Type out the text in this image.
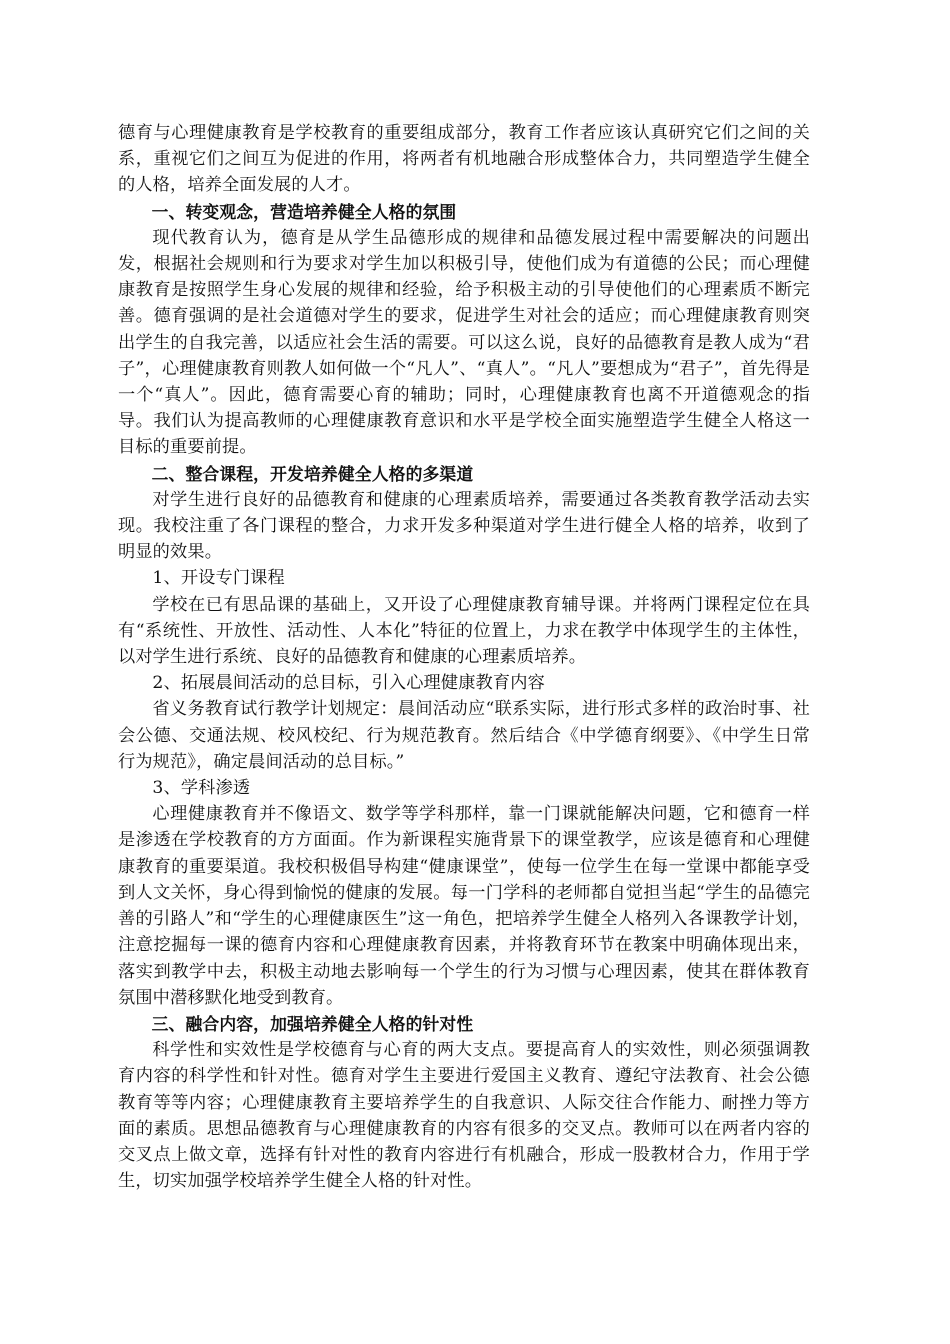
德育与心理健康教育是学校教育的重要组成部分，教育工作者应该认真研究它们之间的关系，重视它们之间互为促进的作用，将两者有机地融合形成整体合力，共同塑造学生健全的人格，培养全面发展的人才。

一、转变观念，营造培养健全人格的氛围

现代教育认为，德育是从学生品德形成的规律和品德发展过程中需要解决的问题出发，根据社会规则和行为要求对学生加以积极引导，使他们成为有道德的公民；而心理健康教育是按照学生身心发展的规律和经验，给予积极主动的引导使他们的心理素质不断完善。德育强调的是社会道德对学生的要求，促进学生对社会的适应；而心理健康教育则突出学生的自我完善，以适应社会生活的需要。可以这么说，良好的品德教育是教人成为“君子”，心理健康教育则教人如何做一个“凡人”、“真人”。“凡人”要想成为“君子”，首先得是一个“真人”。因此，德育需要心育的辅助；同时，心理健康教育也离不开道德观念的指导。我们认为提高教师的心理健康教育意识和水平是学校全面实施塑造学生健全人格这一目标的重要前提。

二、整合课程，开发培养健全人格的多渠道

对学生进行良好的品德教育和健康的心理素质培养，需要通过各类教育教学活动去实现。我校注重了各门课程的整合，力求开发多种渠道对学生进行健全人格的培养，收到了明显的效果。

1、开设专门课程

学校在已有思品课的基础上，又开设了心理健康教育辅导课。并将两门课程定位在具有“系统性、开放性、活动性、人本化”特征的位置上，力求在教学中体现学生的主体性，以对学生进行系统、良好的品德教育和健康的心理素质培养。

2、拓展晨间活动的总目标，引入心理健康教育内容

省义务教育试行教学计划规定：晨间活动应“联系实际，进行形式多样的政治时事、社会公德、交通法规、校风校纪、行为规范教育。然后结合《中学德育纲要》、《中学生日常行为规范》，确定晨间活动的总目标。”

3、学科渗透

心理健康教育并不像语文、数学等学科那样，靠一门课就能解决问题，它和德育一样是渗透在学校教育的方方面面。作为新课程实施背景下的课堂教学，应该是德育和心理健康教育的重要渠道。我校积极倡导构建“健康课堂”，使每一位学生在每一堂课中都能享受到人文关怀，身心得到愉悦的健康的发展。每一门学科的老师都自觉担当起“学生的品德完善的引路人”和“学生的心理健康医生”这一角色，把培养学生健全人格列入各课教学计划，注意挖掘每一课的德育内容和心理健康教育因素，并将教育环节在教案中明确体现出来，落实到教学中去，积极主动地去影响每一个学生的行为习惯与心理因素，使其在群体教育氛围中潜移默化地受到教育。

三、融合内容，加强培养健全人格的针对性

科学性和实效性是学校德育与心育的两大支点。要提高育人的实效性，则必须强调教育内容的科学性和针对性。德育对学生主要进行爱国主义教育、遵纪守法教育、社会公德教育等等内容；心理健康教育主要培养学生的自我意识、人际交往合作能力、耐挫力等方面的素质。思想品德教育与心理健康教育的内容有很多的交叉点。教师可以在两者内容的交叉点上做文章，选择有针对性的教育内容进行有机融合，形成一股教材合力，作用于学生，切实加强学校培养学生健全人格的针对性。
